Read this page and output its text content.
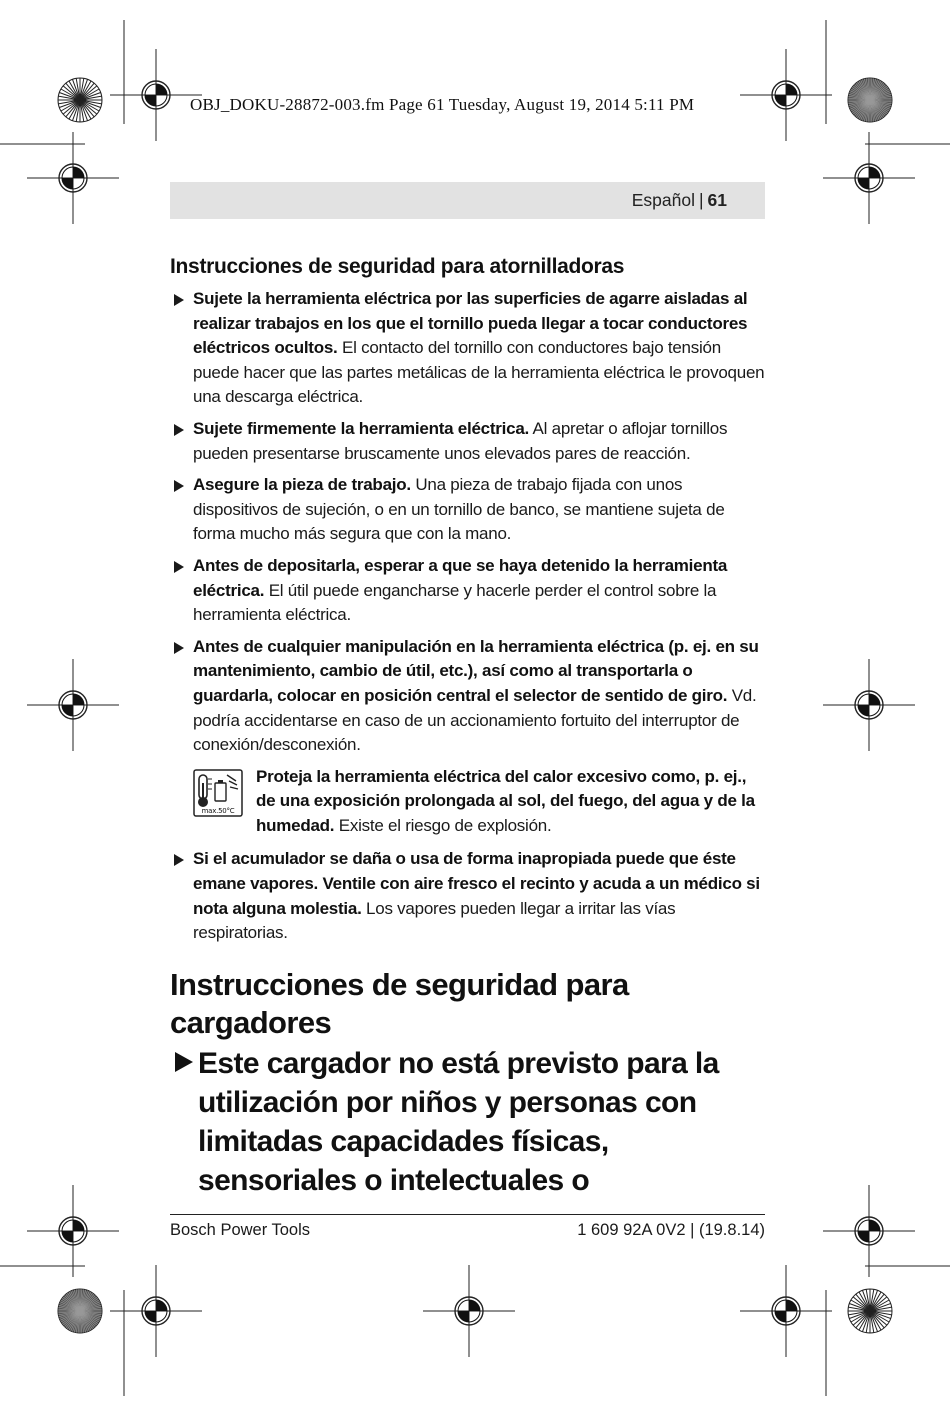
OBJ_DOKU-28872-003.fm Page 61 Tuesday, August 19, 2014 5:11 PM
Español | 61
Instrucciones de seguridad para atornilladoras
Sujete la herramienta eléctrica por las superficies de agarre aisladas al realizar trabajos en los que el tornillo pueda llegar a tocar conductores eléctricos ocultos. El contacto del tornillo con conductores bajo tensión puede hacer que las partes metálicas de la herramienta eléctrica le provoquen una descarga eléctrica.
Sujete firmemente la herramienta eléctrica. Al apretar o aflojar tornillos pueden presentarse bruscamente unos elevados pares de reacción.
Asegure la pieza de trabajo. Una pieza de trabajo fijada con unos dispositivos de sujeción, o en un tornillo de banco, se mantiene sujeta de forma mucho más segura que con la mano.
Antes de depositarla, esperar a que se haya detenido la herramienta eléctrica. El útil puede engancharse y hacerle perder el control sobre la herramienta eléctrica.
Antes de cualquier manipulación en la herramienta eléctrica (p. ej. en su mantenimiento, cambio de útil, etc.), así como al transportarla o guardarla, colocar en posición central el selector de sentido de giro. Vd. podría accidentarse en caso de un accionamiento fortuito del interruptor de conexión/desconexión.
max.50°C
Proteja la herramienta eléctrica del calor excesivo como, p. ej., de una exposición prolongada al sol, del fuego, del agua y de la humedad. Existe el riesgo de explosión.
Si el acumulador se daña o usa de forma inapropiada puede que éste emane vapores. Ventile con aire fresco el recinto y acuda a un médico si nota alguna molestia. Los vapores pueden llegar a irritar las vías respiratorias.
Instrucciones de seguridad para cargadores
Este cargador no está previsto para la utilización por niños y personas con limitadas capacidades físicas, sensoriales o intelectuales o
Bosch Power Tools	1 609 92A 0V2 | (19.8.14)
